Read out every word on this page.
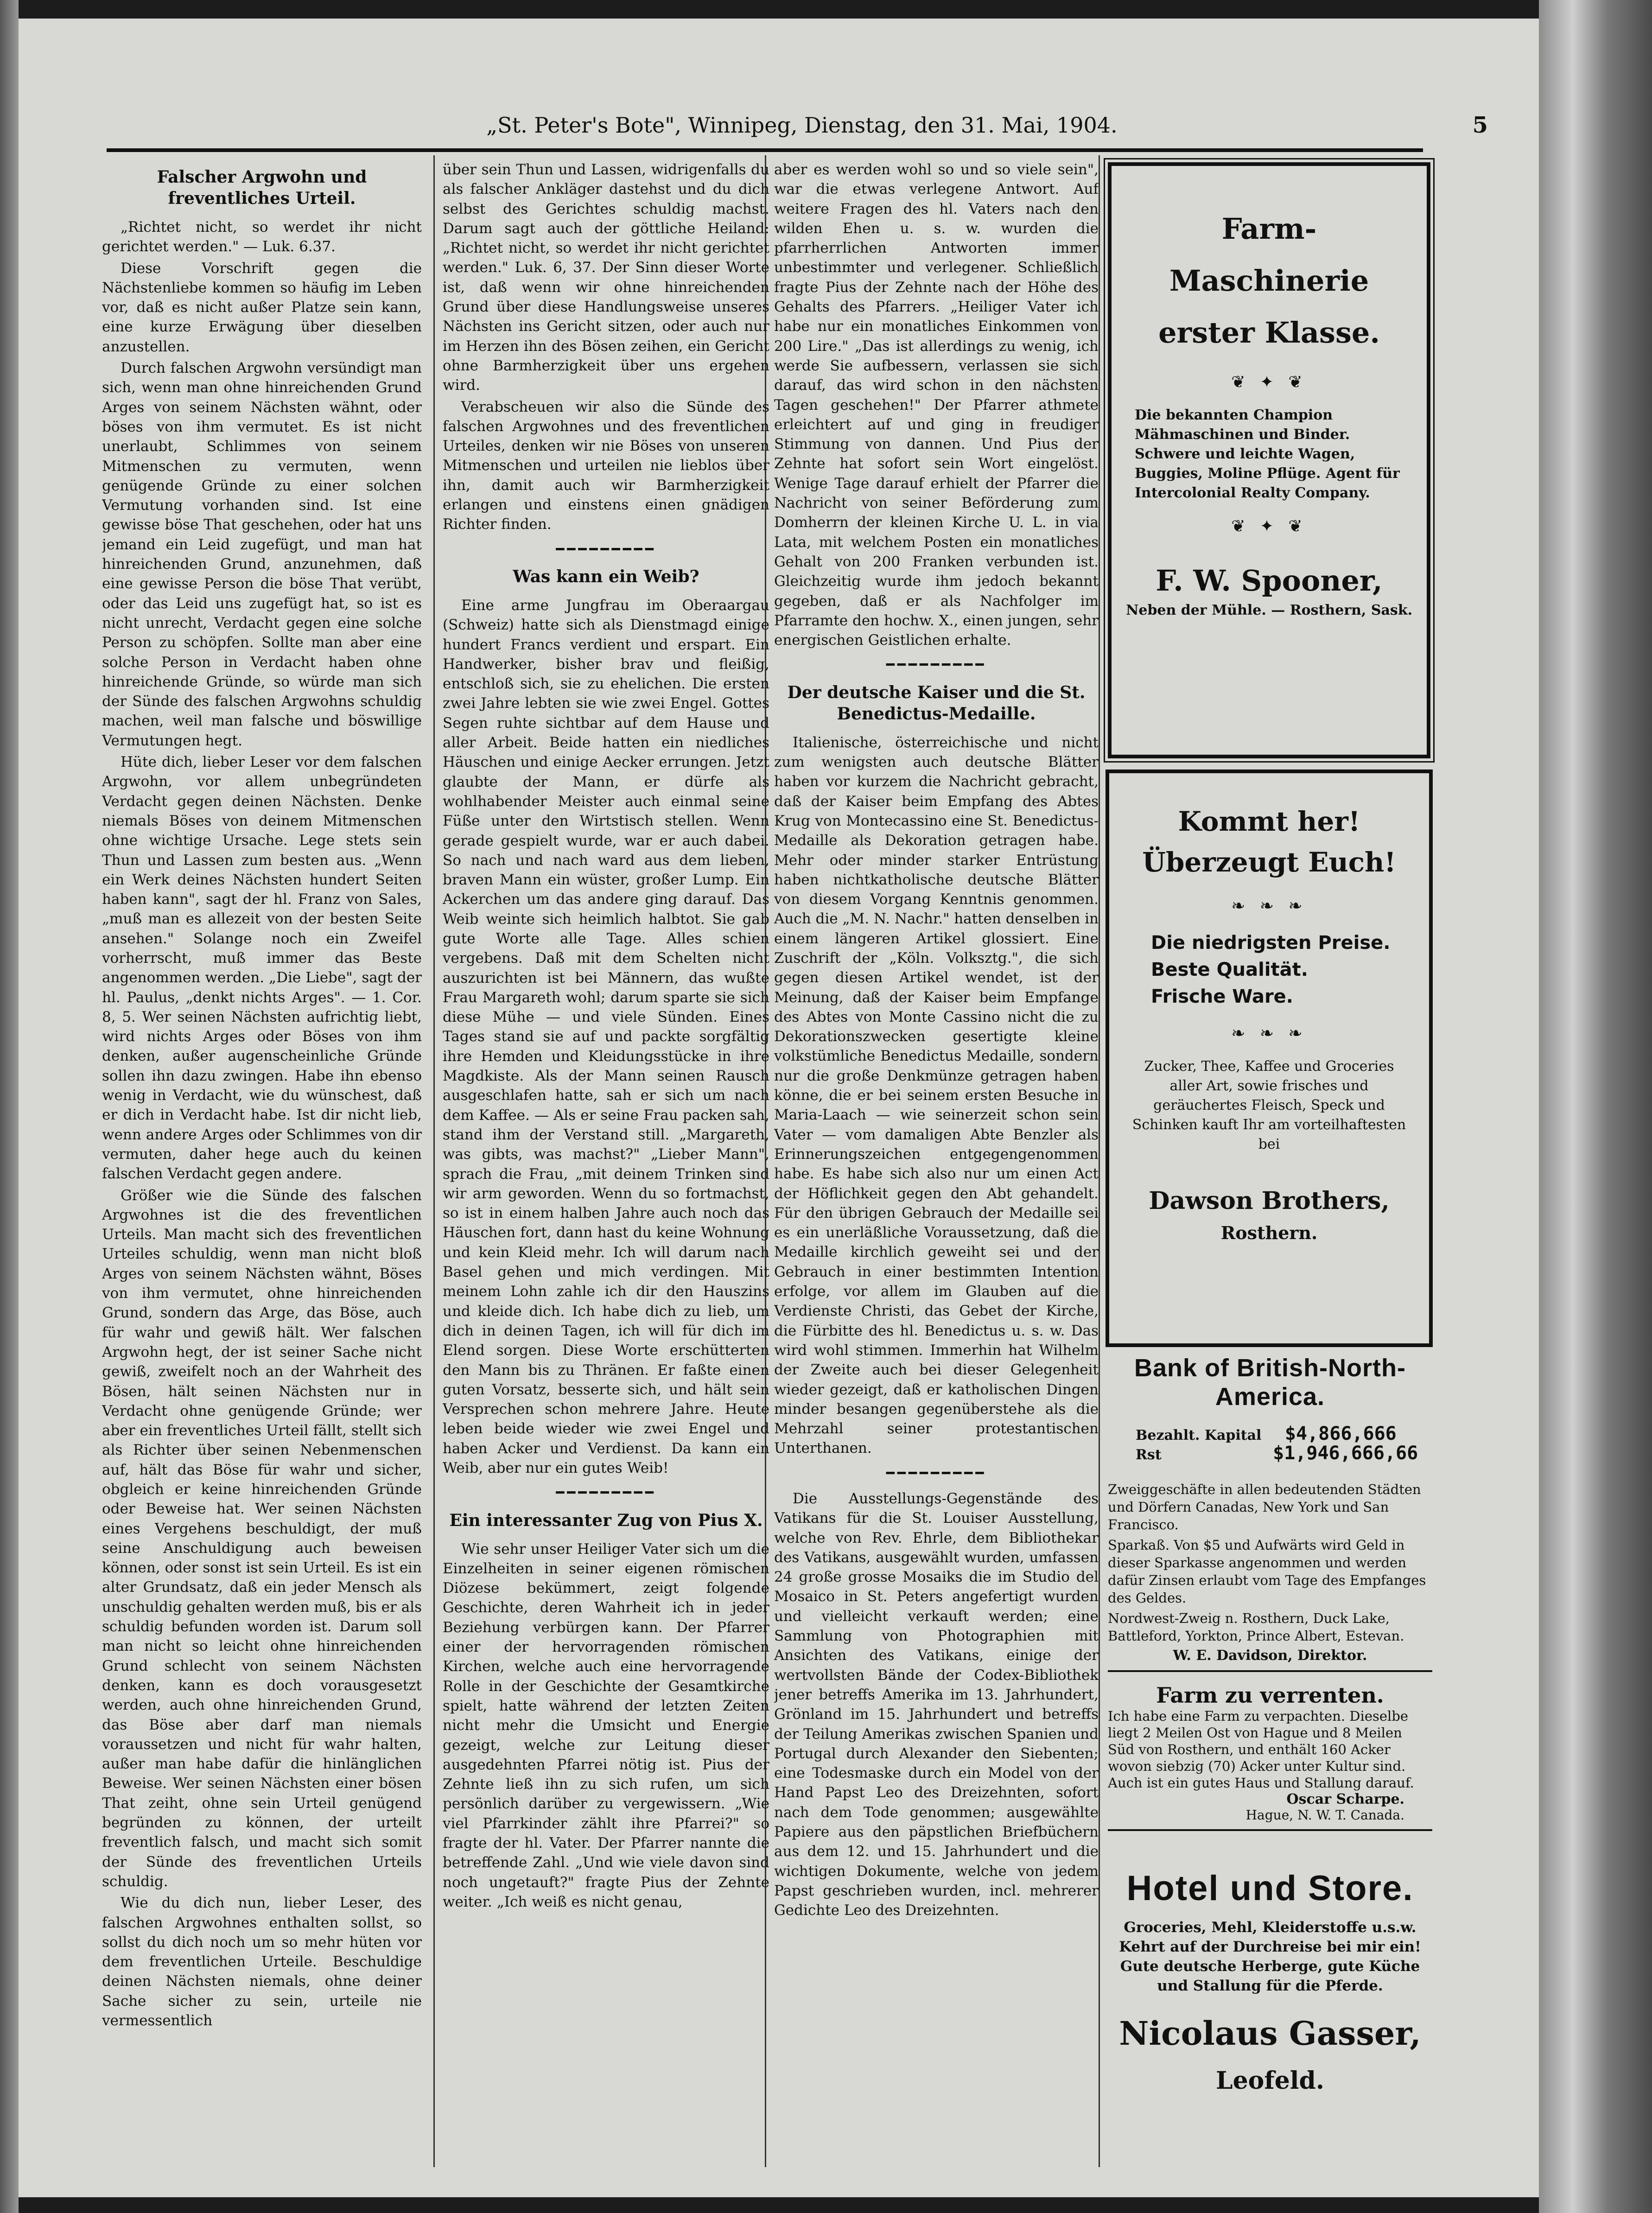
„St. Peter's Bote", Winnipeg, Dienstag, den 31. Mai, 1904.	5
Falscher Argwohn und freventliches Urteil.

„Richtet nicht, so werdet ihr nicht gerichtet werden." — Luk. 6.37.

Diese Vorschrift gegen die Nächstenliebe kommen so häufig im Leben vor, daß es nicht außer Platze sein kann, eine kurze Erwägung über dieselben anzustellen.

Durch falschen Argwohn versündigt man sich, wenn man ohne hinreichenden Grund Arges von seinem Nächsten wähnt, oder böses von ihm vermutet. Es ist nicht unerlaubt, Schlimmes von seinem Mitmenschen zu vermuten, wenn genügende Gründe zu einer solchen Vermutung vorhanden sind. Ist eine gewisse böse That geschehen, oder hat uns jemand ein Leid zugefügt, und man hat hinreichenden Grund, anzunehmen, daß eine gewisse Person die böse That verübt, oder das Leid uns zugefügt hat, so ist es nicht unrecht, Verdacht gegen eine solche Person zu schöpfen. Sollte man aber eine solche Person in Verdacht haben ohne hinreichende Gründe, so würde man sich der Sünde des falschen Argwohns schuldig machen, weil man falsche und böswillige Vermutungen hegt.

Hüte dich, lieber Leser vor dem falschen Argwohn, vor allem unbegründeten Verdacht gegen deinen Nächsten. Denke niemals Böses von deinem Mitmenschen ohne wichtige Ursache. Lege stets sein Thun und Lassen zum besten aus. „Wenn ein Werk deines Nächsten hundert Seiten haben kann", sagt der hl. Franz von Sales, „muß man es allezeit von der besten Seite ansehen." Solange noch ein Zweifel vorherrscht, muß immer das Beste angenommen werden. „Die Liebe", sagt der hl. Paulus, „denkt nichts Arges". — 1. Cor. 8, 5. Wer seinen Nächsten aufrichtig liebt, wird nichts Arges oder Böses von ihm denken, außer augenscheinliche Gründe sollen ihn dazu zwingen. Habe ihn ebenso wenig in Verdacht, wie du wünschest, daß er dich in Verdacht habe. Ist dir nicht lieb, wenn andere Arges oder Schlimmes von dir vermuten, daher hege auch du keinen falschen Verdacht gegen andere.

Größer wie die Sünde des falschen Argwohnes ist die des freventlichen Urteils. Man macht sich des freventlichen Urteiles schuldig, wenn man nicht bloß Arges von seinem Nächsten wähnt, Böses von ihm vermutet, ohne hinreichenden Grund, sondern das Arge, das Böse, auch für wahr und gewiß hält. Wer falschen Argwohn hegt, der ist seiner Sache nicht gewiß, zweifelt noch an der Wahrheit des Bösen, hält seinen Nächsten nur in Verdacht ohne genügende Gründe; wer aber ein freventliches Urteil fällt, stellt sich als Richter über seinen Nebenmenschen auf, hält das Böse für wahr und sicher, obgleich er keine hinreichenden Gründe oder Beweise hat. Wer seinen Nächsten eines Vergehens beschuldigt, der muß seine Anschuldigung auch beweisen können, oder sonst ist sein Urteil. Es ist ein alter Grundsatz, daß ein jeder Mensch als unschuldig gehalten werden muß, bis er als schuldig befunden worden ist. Darum soll man nicht so leicht ohne hinreichenden Grund schlecht von seinem Nächsten denken, kann es doch vorausgesetzt werden, auch ohne hinreichenden Grund, das Böse aber darf man niemals voraussetzen und nicht für wahr halten, außer man habe dafür die hinlänglichen Beweise. Wer seinen Nächsten einer bösen That zeiht, ohne sein Urteil genügend begründen zu können, der urteilt freventlich falsch, und macht sich somit der Sünde des freventlichen Urteils schuldig.

Wie du dich nun, lieber Leser, des falschen Argwohnes enthalten sollst, so sollst du dich noch um so mehr hüten vor dem freventlichen Urteile. Beschuldige deinen Nächsten niemals, ohne deiner Sache sicher zu sein, urteile nie vermessentlich

über sein Thun und Lassen, widrigenfalls du als falscher Ankläger dastehst und du dich selbst des Gerichtes schuldig machst. Darum sagt auch der göttliche Heiland: „Richtet nicht, so werdet ihr nicht gerichtet werden." Luk. 6, 37. Der Sinn dieser Worte ist, daß wenn wir ohne hinreichenden Grund über diese Handlungsweise unseres Nächsten ins Gericht sitzen, oder auch nur im Herzen ihn des Bösen zeihen, ein Gericht ohne Barmherzigkeit über uns ergehen wird.

Verabscheuen wir also die Sünde des falschen Argwohnes und des freventlichen Urteiles, denken wir nie Böses von unseren Mitmenschen und urteilen nie lieblos über ihn, damit auch wir Barmherzigkeit erlangen und einstens einen gnädigen Richter finden.

━━━━━━━━━
Was kann ein Weib?

Eine arme Jungfrau im Oberaargau (Schweiz) hatte sich als Dienstmagd einige hundert Francs verdient und erspart. Ein Handwerker, bisher brav und fleißig, entschloß sich, sie zu ehelichen. Die ersten zwei Jahre lebten sie wie zwei Engel. Gottes Segen ruhte sichtbar auf dem Hause und aller Arbeit. Beide hatten ein niedliches Häuschen und einige Aecker errungen. Jetzt glaubte der Mann, er dürfe als wohlhabender Meister auch einmal seine Füße unter den Wirtstisch stellen. Wenn gerade gespielt wurde, war er auch dabei. So nach und nach ward aus dem lieben, braven Mann ein wüster, großer Lump. Ein Ackerchen um das andere ging darauf. Das Weib weinte sich heimlich halbtot. Sie gab gute Worte alle Tage. Alles schien vergebens. Daß mit dem Schelten nicht auszurichten ist bei Männern, das wußte Frau Margareth wohl; darum sparte sie sich diese Mühe — und viele Sünden. Eines Tages stand sie auf und packte sorgfältig ihre Hemden und Kleidungsstücke in ihre Magdkiste. Als der Mann seinen Rausch ausgeschlafen hatte, sah er sich um nach dem Kaffee. — Als er seine Frau packen sah, stand ihm der Verstand still. „Margareth, was gibts, was machst?" „Lieber Mann", sprach die Frau, „mit deinem Trinken sind wir arm geworden. Wenn du so fortmachst, so ist in einem halben Jahre auch noch das Häuschen fort, dann hast du keine Wohnung und kein Kleid mehr. Ich will darum nach Basel gehen und mich verdingen. Mit meinem Lohn zahle ich dir den Hauszins und kleide dich. Ich habe dich zu lieb, um dich in deinen Tagen, ich will für dich im Elend sorgen. Diese Worte erschütterten den Mann bis zu Thränen. Er faßte einen guten Vorsatz, besserte sich, und hält sein Versprechen schon mehrere Jahre. Heute leben beide wieder wie zwei Engel und haben Acker und Verdienst. Da kann ein Weib, aber nur ein gutes Weib!

━━━━━━━━━
Ein interessanter Zug von Pius X.

Wie sehr unser Heiliger Vater sich um die Einzelheiten in seiner eigenen römischen Diözese bekümmert, zeigt folgende Geschichte, deren Wahrheit ich in jeder Beziehung verbürgen kann. Der Pfarrer einer der hervorragenden römischen Kirchen, welche auch eine hervorragende Rolle in der Geschichte der Gesamtkirche spielt, hatte während der letzten Zeiten nicht mehr die Umsicht und Energie gezeigt, welche zur Leitung dieser ausgedehnten Pfarrei nötig ist. Pius der Zehnte ließ ihn zu sich rufen, um sich persönlich darüber zu vergewissern. „Wie viel Pfarrkinder zählt ihre Pfarrei?" so fragte der hl. Vater. Der Pfarrer nannte die betreffende Zahl. „Und wie viele davon sind noch ungetauft?" fragte Pius der Zehnte weiter. „Ich weiß es nicht genau,

aber es werden wohl so und so viele sein", war die etwas verlegene Antwort. Auf weitere Fragen des hl. Vaters nach den wilden Ehen u. s. w. wurden die pfarrherrlichen Antworten immer unbestimmter und verlegener. Schließlich fragte Pius der Zehnte nach der Höhe des Gehalts des Pfarrers. „Heiliger Vater ich habe nur ein monatliches Einkommen von 200 Lire." „Das ist allerdings zu wenig, ich werde Sie aufbessern, verlassen sie sich darauf, das wird schon in den nächsten Tagen geschehen!" Der Pfarrer athmete erleichtert auf und ging in freudiger Stimmung von dannen. Und Pius der Zehnte hat sofort sein Wort eingelöst. Wenige Tage darauf erhielt der Pfarrer die Nachricht von seiner Beförderung zum Domherrn der kleinen Kirche U. L. in via Lata, mit welchem Posten ein monatliches Gehalt von 200 Franken verbunden ist. Gleichzeitig wurde ihm jedoch bekannt gegeben, daß er als Nachfolger im Pfarramte den hochw. X., einen jungen, sehr energischen Geistlichen erhalte.

━━━━━━━━━
Der deutsche Kaiser und die St. Benedictus-Medaille.

Italienische, österreichische und nicht zum wenigsten auch deutsche Blätter haben vor kurzem die Nachricht gebracht, daß der Kaiser beim Empfang des Abtes Krug von Montecassino eine St. Benedictus-Medaille als Dekoration getragen habe. Mehr oder minder starker Entrüstung haben nichtkatholische deutsche Blätter von diesem Vorgang Kenntnis genommen. Auch die „M. N. Nachr." hatten denselben in einem längeren Artikel glossiert. Eine Zuschrift der „Köln. Volksztg.", die sich gegen diesen Artikel wendet, ist der Meinung, daß der Kaiser beim Empfange des Abtes von Monte Cassino nicht die zu Dekorationszwecken gesertigte kleine volkstümliche Benedictus Medaille, sondern nur die große Denkmünze getragen haben könne, die er bei seinem ersten Besuche in Maria-Laach — wie seinerzeit schon sein Vater — vom damaligen Abte Benzler als Erinnerungszeichen entgegengenommen habe. Es habe sich also nur um einen Act der Höflichkeit gegen den Abt gehandelt. Für den übrigen Gebrauch der Medaille sei es ein unerläßliche Voraussetzung, daß die Medaille kirchlich geweiht sei und der Gebrauch in einer bestimmten Intention erfolge, vor allem im Glauben auf die Verdienste Christi, das Gebet der Kirche, die Fürbitte des hl. Benedictus u. s. w. Das wird wohl stimmen. Immerhin hat Wilhelm der Zweite auch bei dieser Gelegenheit wieder gezeigt, daß er katholischen Dingen minder besangen gegenüberstehe als die Mehrzahl seiner protestantischen Unterthanen.

━━━━━━━━━

Die Ausstellungs-Gegenstände des Vatikans für die St. Louiser Ausstellung, welche von Rev. Ehrle, dem Bibliothekar des Vatikans, ausgewählt wurden, umfassen 24 große grosse Mosaiks die im Studio del Mosaico in St. Peters angefertigt wurden und vielleicht verkauft werden; eine Sammlung von Photographien mit Ansichten des Vatikans, einige der wertvollsten Bände der Codex-Bibliothek jener betreffs Amerika im 13. Jahrhundert, Grönland im 15. Jahrhundert und betreffs der Teilung Amerikas zwischen Spanien und Portugal durch Alexander den Siebenten; eine Todesmaske durch ein Model von der Hand Papst Leo des Dreizehnten, sofort nach dem Tode genommen; ausgewählte Papiere aus den päpstlichen Briefbüchern aus dem 12. und 15. Jahrhundert und die wichtigen Dokumente, welche von jedem Papst geschrieben wurden, incl. mehrerer Gedichte Leo des Dreizehnten.

Farm-
Maschinerie
erster Klasse.
❦ ✦ ❦
Die bekannten Champion Mähmaschinen und Binder. Schwere und leichte Wagen, Buggies, Moline Pflüge. Agent für Intercolonial Realty Company.
❦ ✦ ❦
F. W. Spooner,
Neben der Mühle. — Rosthern, Sask.
Kommt her!
Überzeugt Euch!
❧ ❧ ❧
Die niedrigsten Preise.
Beste Qualität.
Frische Ware.
❧ ❧ ❧
Zucker, Thee, Kaffee und Groceries aller Art, sowie frisches und geräuchertes Fleisch, Speck und Schinken kauft Ihr am vorteilhaftesten bei
Dawson Brothers,
Rosthern.
Bank of British-North-America.
Bezahlt. Kapital $4,866,666
Rst	$1,946,666,66
Zweiggeschäfte in allen bedeutenden Städten und Dörfern Canadas, New York und San Francisco.
Sparkaß. Von $5 und Aufwärts wird Geld in dieser Sparkasse angenommen und werden dafür Zinsen erlaubt vom Tage des Empfanges des Geldes.
Nordwest-Zweig n. Rosthern, Duck Lake, Battleford, Yorkton, Prince Albert, Estevan.
W. E. Davidson, Direktor.
Farm zu verrenten.
Ich habe eine Farm zu verpachten. Dieselbe liegt 2 Meilen Ost von Hague und 8 Meilen Süd von Rosthern, und enthält 160 Acker wovon siebzig (70) Acker unter Kultur sind. Auch ist ein gutes Haus und Stallung darauf.
Oscar Scharpe.
Hague, N. W. T. Canada.
Hotel und Store.
Groceries, Mehl, Kleiderstoffe u.s.w. Kehrt auf der Durchreise bei mir ein! Gute deutsche Herberge, gute Küche und Stallung für die Pferde.
Nicolaus Gasser,
Leofeld.
